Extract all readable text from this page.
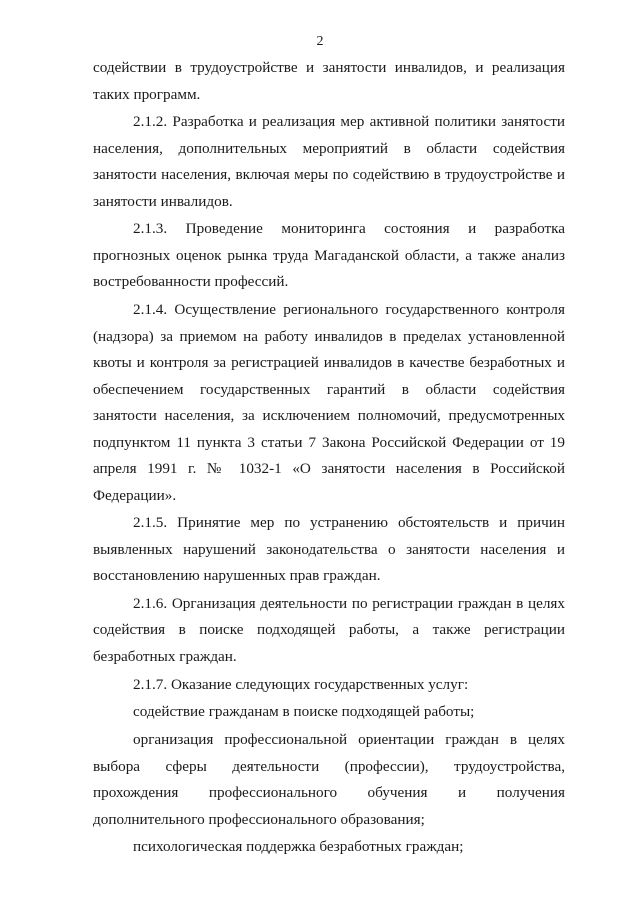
2

содействии в трудоустройстве и занятости инвалидов, и реализация таких программ.

2.1.2. Разработка и реализация мер активной политики занятости населения, дополнительных мероприятий в области содействия занятости населения, включая меры по содействию в трудоустройстве и занятости инвалидов.

2.1.3. Проведение мониторинга состояния и разработка прогнозных оценок рынка труда Магаданской области, а также анализ востребованности профессий.

2.1.4. Осуществление регионального государственного контроля (надзора) за приемом на работу инвалидов в пределах установленной квоты и контроля за регистрацией инвалидов в качестве безработных и обеспечением государственных гарантий в области содействия занятости населения, за исключением полномочий, предусмотренных подпунктом 11 пункта 3 статьи 7 Закона Российской Федерации от 19 апреля 1991 г. № 1032-1 «О занятости населения в Российской Федерации».

2.1.5. Принятие мер по устранению обстоятельств и причин выявленных нарушений законодательства о занятости населения и восстановлению нарушенных прав граждан.

2.1.6. Организация деятельности по регистрации граждан в целях содействия в поиске подходящей работы, а также регистрации безработных граждан.

2.1.7. Оказание следующих государственных услуг:

содействие гражданам в поиске подходящей работы;

организация профессиональной ориентации граждан в целях выбора сферы деятельности (профессии), трудоустройства, прохождения профессионального обучения и получения дополнительного профессионального образования;

психологическая поддержка безработных граждан;
